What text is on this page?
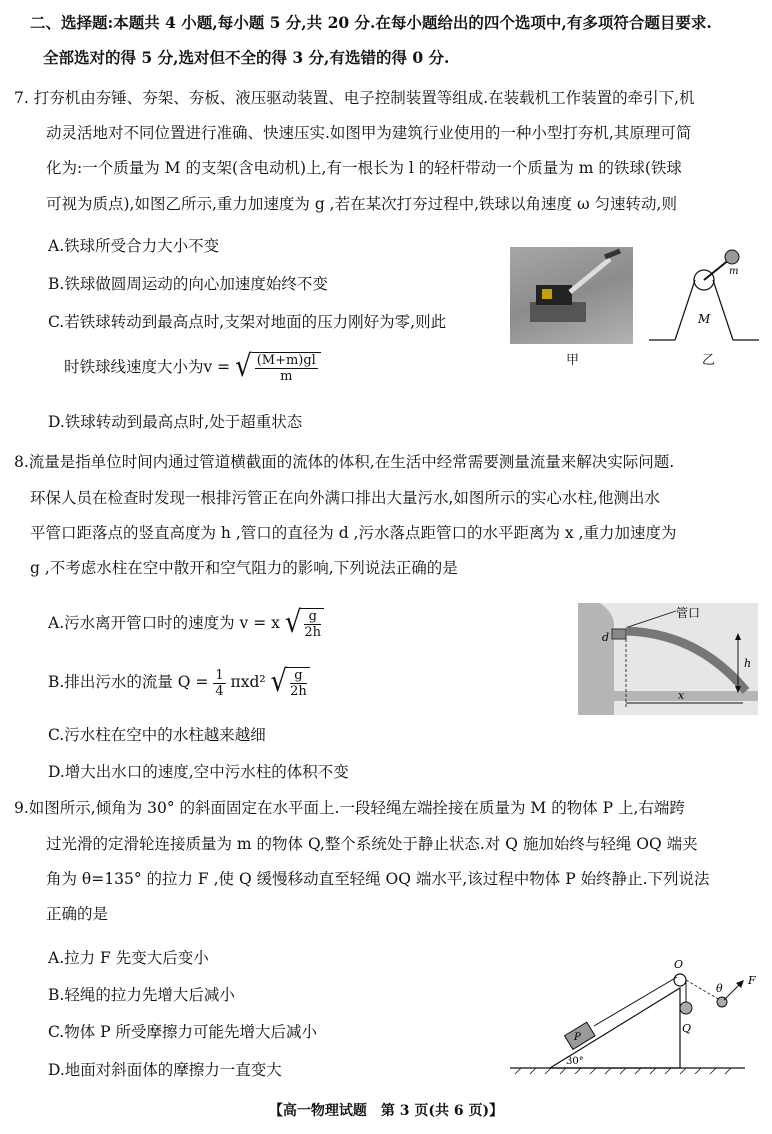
二、选择题:本题共 4 小题,每小题 5 分,共 20 分.在每小题给出的四个选项中,有多项符合题目要求.
全部选对的得 5 分,选对但不全的得 3 分,有选错的得 0 分.
7. 打夯机由夯锤、夯架、夯板、液压驱动装置、电子控制装置等组成.在装载机工作装置的牵引下,机
动灵活地对不同位置进行准确、快速压实.如图甲为建筑行业使用的一种小型打夯机,其原理可简
化为:一个质量为 M 的支架(含电动机)上,有一根长为 l 的轻杆带动一个质量为 m 的铁球(铁球
可视为质点),如图乙所示,重力加速度为 g ,若在某次打夯过程中,铁球以角速度 ω 匀速转动,则
A.铁球所受合力大小不变
B.铁球做圆周运动的向心加速度始终不变
C.若铁球转动到最高点时,支架对地面的压力刚好为零,则此
时铁球线速度大小为v = √ $\frac{(M+m)gl}{m}$
D.铁球转动到最高点时,处于超重状态
甲
m
M
乙
8.流量是指单位时间内通过管道横截面的流体的体积,在生活中经常需要测量流量来解决实际问题.
环保人员在检查时发现一根排污管正在向外满口排出大量污水,如图所示的实心水柱,他测出水
平管口距落点的竖直高度为 h ,管口的直径为 d ,污水落点距管口的水平距离为 x ,重力加速度为
g ,不考虑水柱在空中散开和空气阻力的影响,下列说法正确的是
A.污水离开管口时的速度为 v = x √ $\frac{g}{2h}$
B.排出污水的流量 $Q = \frac{1}{4} \pi xd^2$ √ $\frac{g}{2h}$
C.污水柱在空中的水柱越来越细
D.增大出水口的速度,空中污水柱的体积不变
管口
d
h
x
9.如图所示,倾角为 30° 的斜面固定在水平面上.一段轻绳左端拴接在质量为 M 的物体 P 上,右端跨
过光滑的定滑轮连接质量为 m 的物体 Q,整个系统处于静止状态.对 Q 施加始终与轻绳 OQ 端夹
角为 θ=135° 的拉力 F ,使 Q 缓慢移动直至轻绳 OQ 端水平,该过程中物体 P 始终静止.下列说法
正确的是
A.拉力 F 先变大后变小
B.轻绳的拉力先增大后减小
C.物体 P 所受摩擦力可能先增大后减小
D.地面对斜面体的摩擦力一直变大
O
P
Q
F
θ
30°
【高一物理试题　第 3 页(共 6 页)】
